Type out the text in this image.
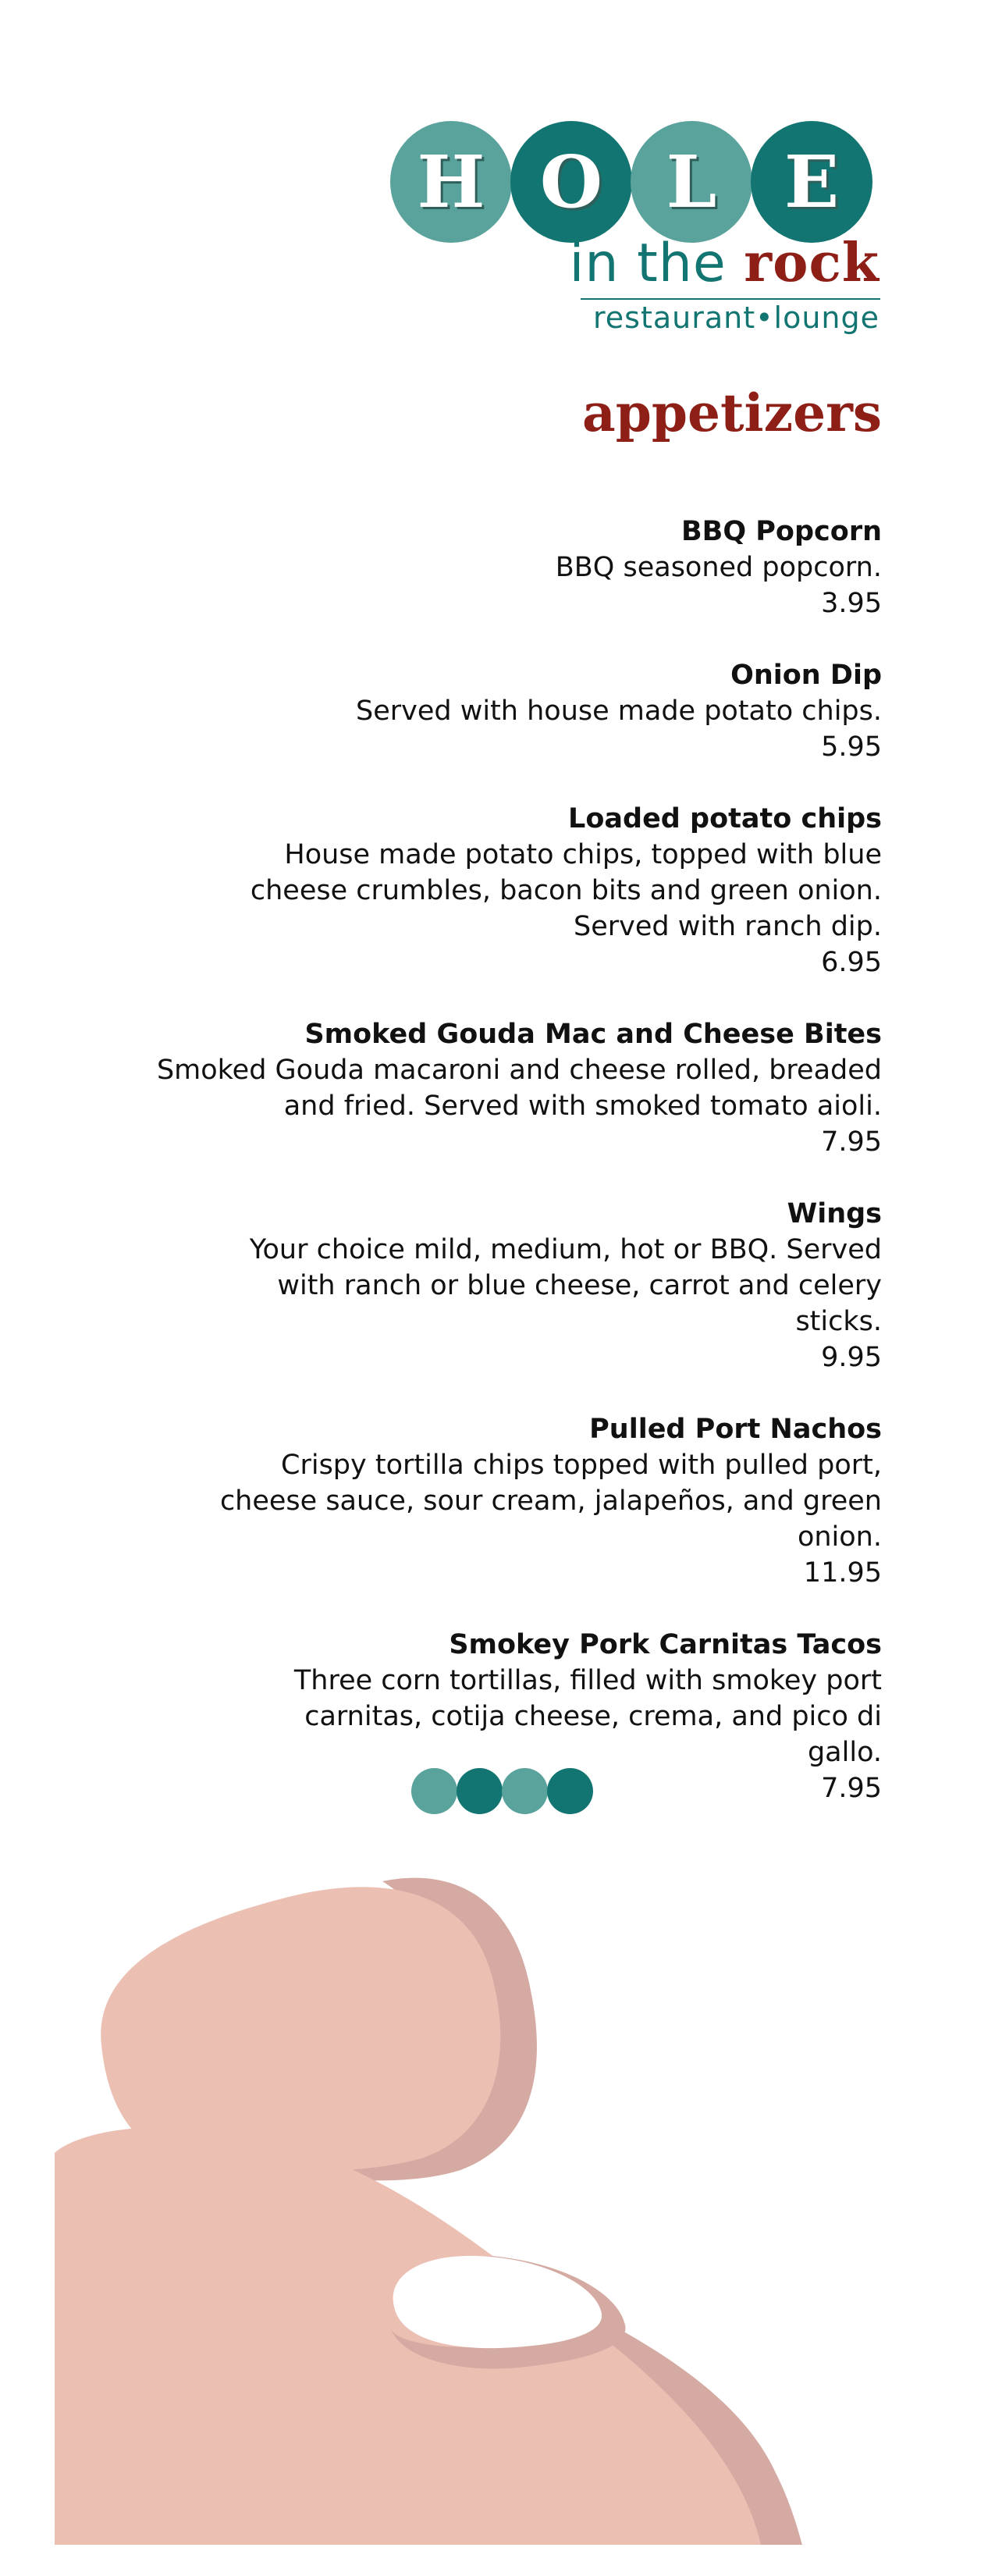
H O L E
in the rock
restaurant•lounge
appetizers
BBQ Popcorn
BBQ seasoned popcorn.
3.95
Onion Dip
Served with house made potato chips.
5.95
Loaded potato chips
House made potato chips, topped with blue cheese crumbles, bacon bits and green onion. Served with ranch dip.
6.95
Smoked Gouda Mac and Cheese Bites
Smoked Gouda macaroni and cheese rolled, breaded and fried. Served with smoked tomato aioli.
7.95
Wings
Your choice mild, medium, hot or BBQ. Served with ranch or blue cheese, carrot and celery sticks.
9.95
Pulled Port Nachos
Crispy tortilla chips topped with pulled port, cheese sauce, sour cream, jalapeños, and green onion.
11.95
Smokey Pork Carnitas Tacos
Three corn tortillas, filled with smokey port carnitas, cotija cheese, crema, and pico di gallo.
7.95
